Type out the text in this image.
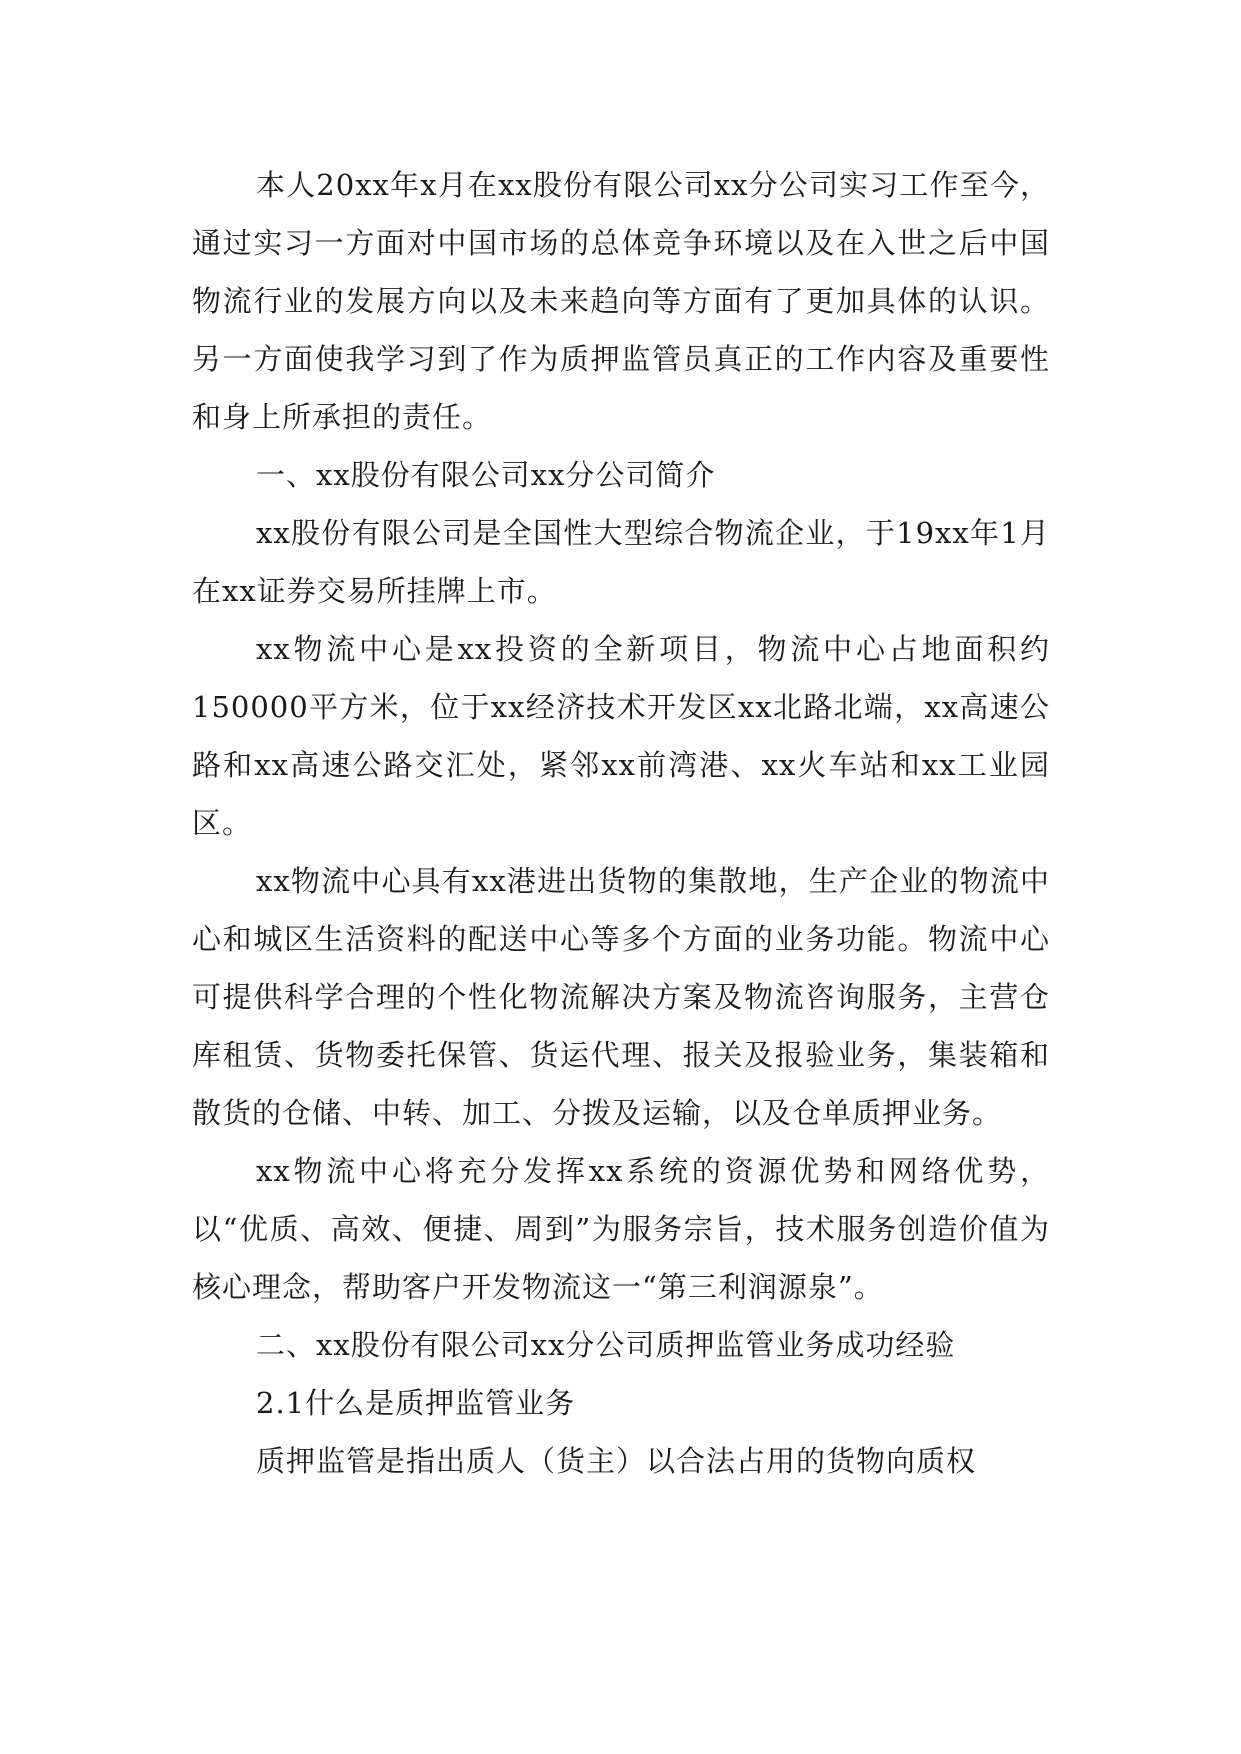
本人20xx年x月在xx股份有限公司xx分公司实习工作至今，通过实习一方面对中国市场的总体竞争环境以及在入世之后中国物流行业的发展方向以及未来趋向等方面有了更加具体的认识。另一方面使我学习到了作为质押监管员真正的工作内容及重要性和身上所承担的责任。

一、xx股份有限公司xx分公司简介

xx股份有限公司是全国性大型综合物流企业，于19xx年1月在xx证券交易所挂牌上市。

xx物流中心是xx投资的全新项目，物流中心占地面积约150000平方米，位于xx经济技术开发区xx北路北端，xx高速公路和xx高速公路交汇处，紧邻xx前湾港、xx火车站和xx工业园区。

xx物流中心具有xx港进出货物的集散地，生产企业的物流中心和城区生活资料的配送中心等多个方面的业务功能。物流中心可提供科学合理的个性化物流解决方案及物流咨询服务，主营仓库租赁、货物委托保管、货运代理、报关及报验业务，集装箱和散货的仓储、中转、加工、分拨及运输，以及仓单质押业务。

xx物流中心将充分发挥xx系统的资源优势和网络优势，以“优质、高效、便捷、周到”为服务宗旨，技术服务创造价值为核心理念，帮助客户开发物流这一“第三利润源泉”。

二、xx股份有限公司xx分公司质押监管业务成功经验

2.1什么是质押监管业务

质押监管是指出质人（货主）以合法占用的货物向质权
